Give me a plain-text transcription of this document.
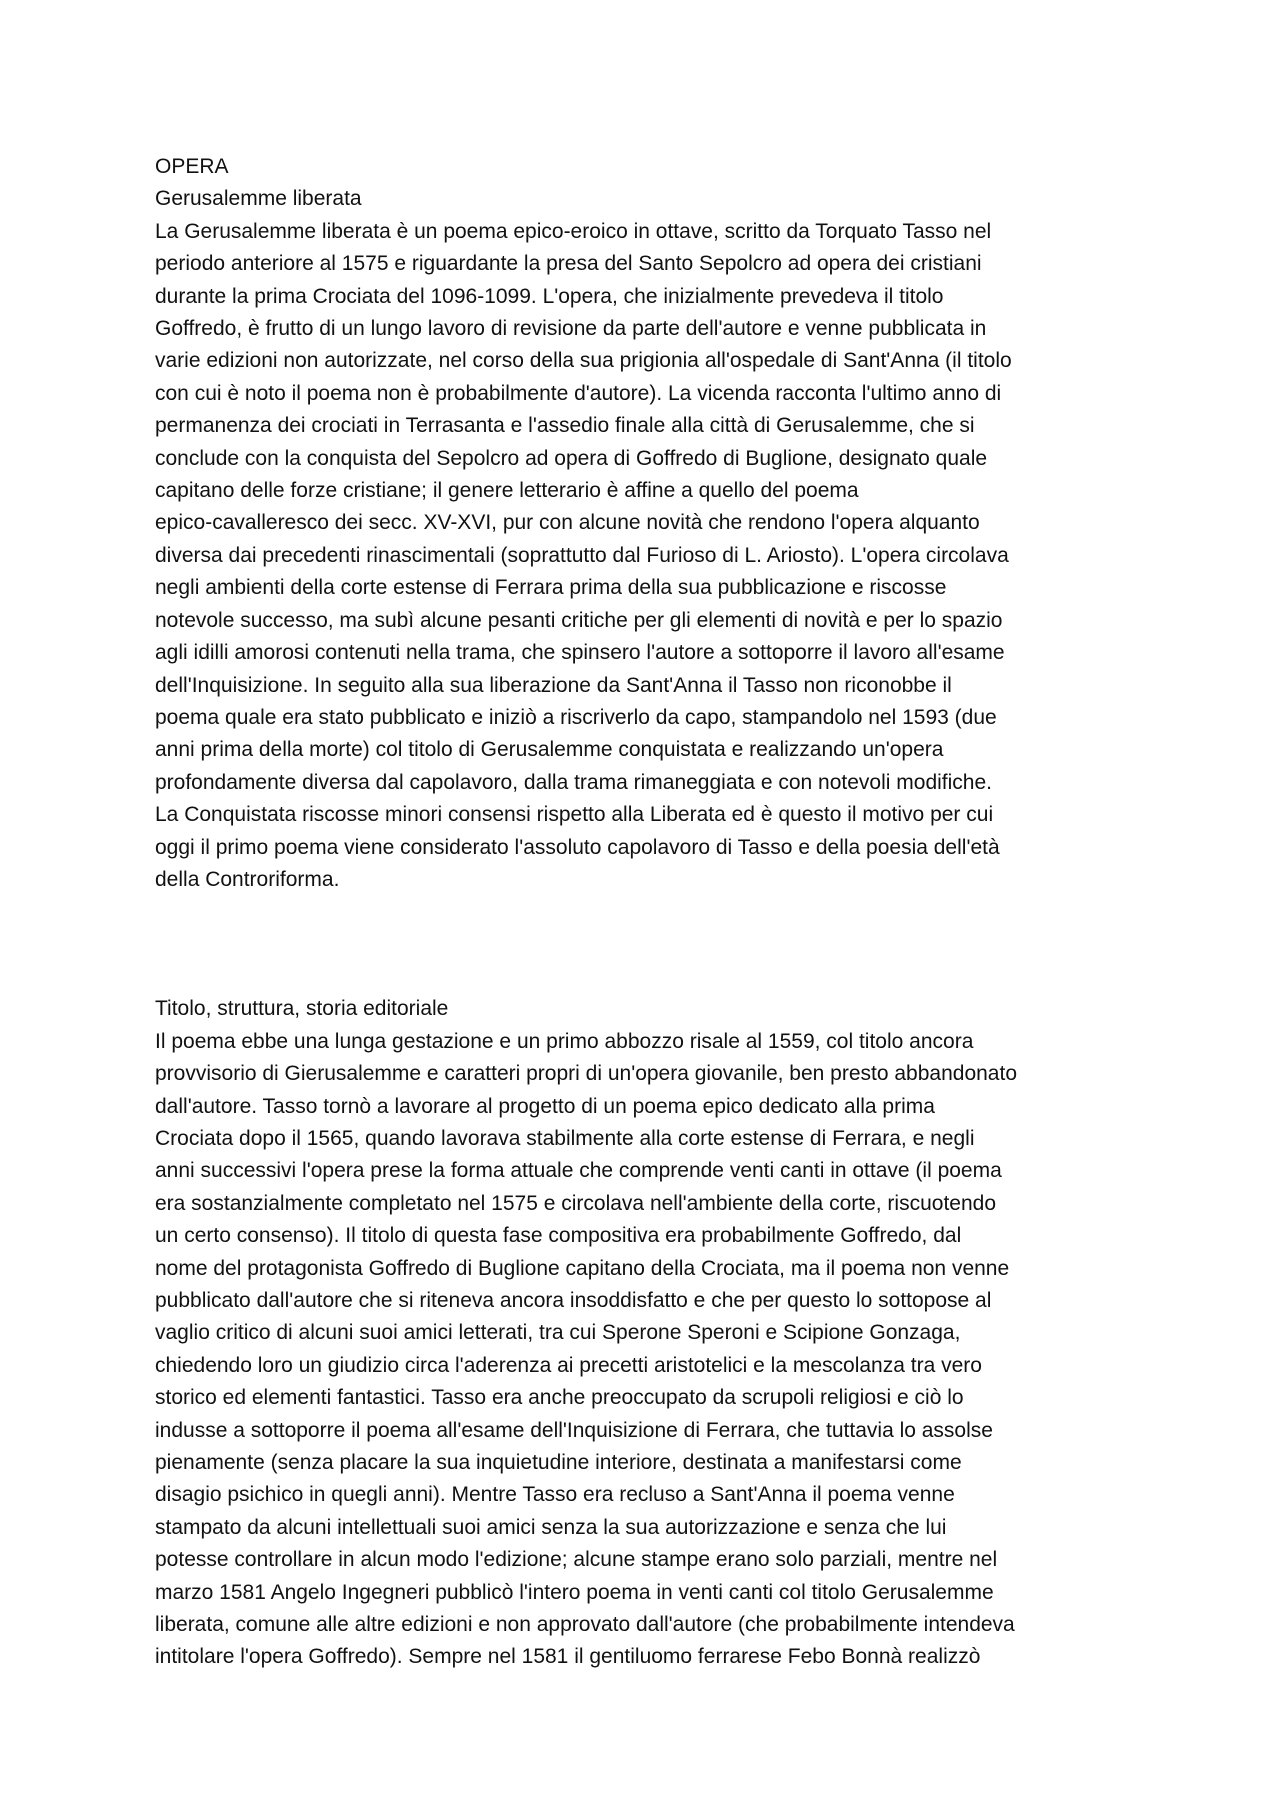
OPERA

Gerusalemme liberata

La Gerusalemme liberata è un poema epico-eroico in ottave, scritto da Torquato Tasso nel
periodo anteriore al 1575 e riguardante la presa del Santo Sepolcro ad opera dei cristiani
durante la prima Crociata del 1096-1099. L'opera, che inizialmente prevedeva il titolo
Goffredo, è frutto di un lungo lavoro di revisione da parte dell'autore e venne pubblicata in
varie edizioni non autorizzate, nel corso della sua prigionia all'ospedale di Sant'Anna (il titolo
con cui è noto il poema non è probabilmente d'autore). La vicenda racconta l'ultimo anno di
permanenza dei crociati in Terrasanta e l'assedio finale alla città di Gerusalemme, che si
conclude con la conquista del Sepolcro ad opera di Goffredo di Buglione, designato quale
capitano delle forze cristiane; il genere letterario è affine a quello del poema
epico-cavalleresco dei secc. XV-XVI, pur con alcune novità che rendono l'opera alquanto
diversa dai precedenti rinascimentali (soprattutto dal Furioso di L. Ariosto). L'opera circolava
negli ambienti della corte estense di Ferrara prima della sua pubblicazione e riscosse
notevole successo, ma subì alcune pesanti critiche per gli elementi di novità e per lo spazio
agli idilli amorosi contenuti nella trama, che spinsero l'autore a sottoporre il lavoro all'esame
dell'Inquisizione. In seguito alla sua liberazione da Sant'Anna il Tasso non riconobbe il
poema quale era stato pubblicato e iniziò a riscriverlo da capo, stampandolo nel 1593 (due
anni prima della morte) col titolo di Gerusalemme conquistata e realizzando un'opera
profondamente diversa dal capolavoro, dalla trama rimaneggiata e con notevoli modifiche.
La Conquistata riscosse minori consensi rispetto alla Liberata ed è questo il motivo per cui
oggi il primo poema viene considerato l'assoluto capolavoro di Tasso e della poesia dell'età
della Controriforma.

Titolo, struttura, storia editoriale

Il poema ebbe una lunga gestazione e un primo abbozzo risale al 1559, col titolo ancora
provvisorio di Gierusalemme e caratteri propri di un'opera giovanile, ben presto abbandonato
dall'autore. Tasso tornò a lavorare al progetto di un poema epico dedicato alla prima
Crociata dopo il 1565, quando lavorava stabilmente alla corte estense di Ferrara, e negli
anni successivi l'opera prese la forma attuale che comprende venti canti in ottave (il poema
era sostanzialmente completato nel 1575 e circolava nell'ambiente della corte, riscuotendo
un certo consenso). Il titolo di questa fase compositiva era probabilmente Goffredo, dal
nome del protagonista Goffredo di Buglione capitano della Crociata, ma il poema non venne
pubblicato dall'autore che si riteneva ancora insoddisfatto e che per questo lo sottopose al
vaglio critico di alcuni suoi amici letterati, tra cui Sperone Speroni e Scipione Gonzaga,
chiedendo loro un giudizio circa l'aderenza ai precetti aristotelici e la mescolanza tra vero
storico ed elementi fantastici. Tasso era anche preoccupato da scrupoli religiosi e ciò lo
indusse a sottoporre il poema all'esame dell'Inquisizione di Ferrara, che tuttavia lo assolse
pienamente (senza placare la sua inquietudine interiore, destinata a manifestarsi come
disagio psichico in quegli anni). Mentre Tasso era recluso a Sant'Anna il poema venne
stampato da alcuni intellettuali suoi amici senza la sua autorizzazione e senza che lui
potesse controllare in alcun modo l'edizione; alcune stampe erano solo parziali, mentre nel
marzo 1581 Angelo Ingegneri pubblicò l'intero poema in venti canti col titolo Gerusalemme
liberata, comune alle altre edizioni e non approvato dall'autore (che probabilmente intendeva
intitolare l'opera Goffredo). Sempre nel 1581 il gentiluomo ferrarese Febo Bonnà realizzò
